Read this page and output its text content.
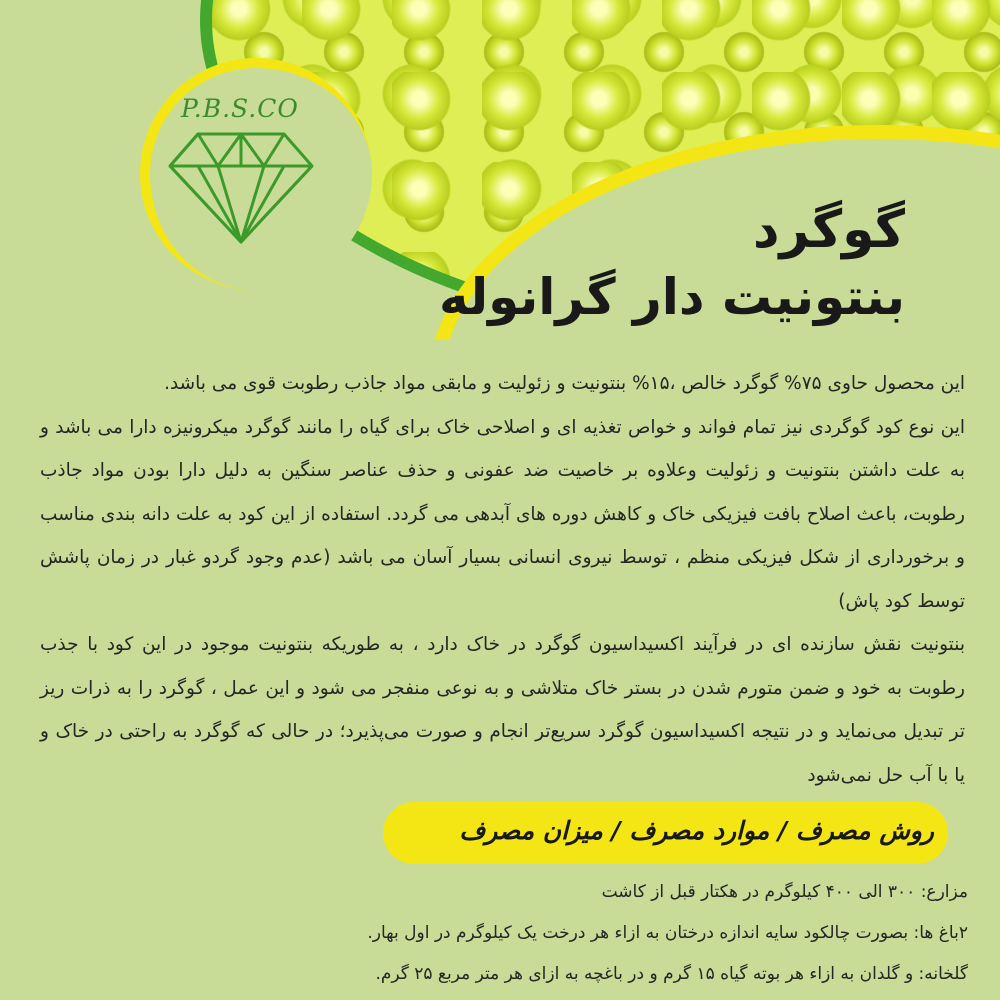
P.B.S.CO
گوگرد
بنتونیت دار گرانوله

این محصول حاوی ۷۵% گوگرد خالص ،۱۵% بنتونیت و زئولیت و مابقی مواد جاذب رطوبت قوی می باشد.

این نوع کود گوگردی نیز تمام فواند و خواص تغذیه ای و اصلاحی خاک برای گیاه را مانند گوگرد میکرونیزه دارا می باشد و به علت داشتن بنتونیت و زئولیت وعلاوه بر خاصیت ضد عفونی و حذف عناصر سنگین به دلیل دارا بودن مواد جاذب رطوبت، باعث اصلاح بافت فیزیکی خاک و کاهش دوره های آبدهی می گردد. استفاده از این کود به علت دانه بندی مناسب و برخورداری از شکل فیزیکی منظم ، توسط نیروی انسانی بسیار آسان می باشد (عدم وجود گردو غبار در زمان پاشش توسط کود پاش)

بنتونیت نقش سازنده ای در فرآیند اکسیداسیون گوگرد در خاک دارد ، به طوریکه بنتونیت موجود در این کود با جذب رطوبت به خود و ضمن متورم شدن در بستر خاک متلاشی و به نوعی منفجر می شود و این عمل ، گوگرد را به ذرات ریز تر تبدیل می‌نماید و در نتیجه اکسیداسیون گوگرد سریع‌تر انجام و صورت می‌پذیرد؛ در حالی که گوگرد به راحتی در خاک و یا با آب حل نمی‌شود

روش مصرف / موارد مصرف / میزان مصرف
مزارع: ۳۰۰ الی ۴۰۰ کیلوگرم در هکتار قبل از کاشت
۲باغ ها: بصورت چالکود سایه اندازه درختان به ازاء هر درخت یک کیلوگرم در اول بهار.
گلخانه: و گلدان به ازاء هر بوته گیاه ۱۵ گرم و در باغچه به ازای هر متر مربع ۲۵ گرم.
